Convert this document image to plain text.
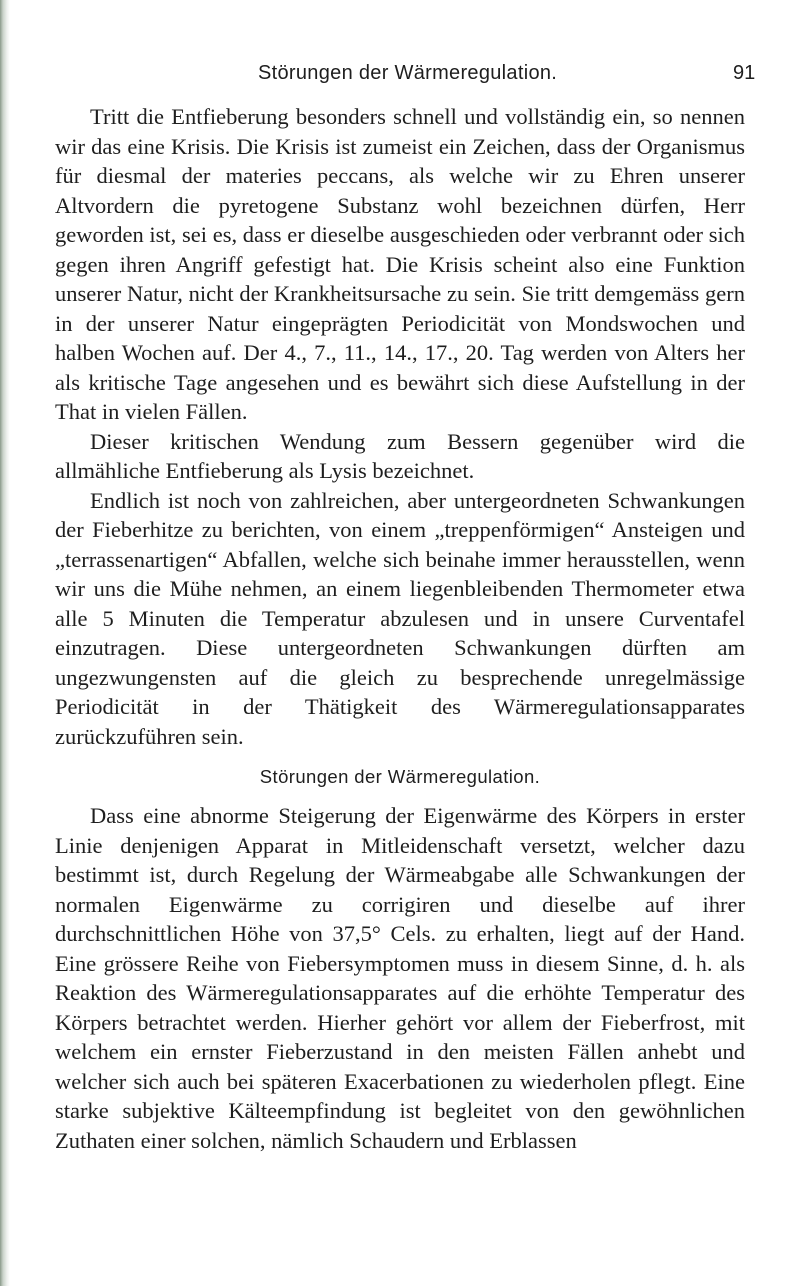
Störungen der Wärmeregulation.	91

Tritt die Entfieberung besonders schnell und vollständig ein, so nennen wir das eine Krisis. Die Krisis ist zumeist ein Zeichen, dass der Organismus für diesmal der materies peccans, als welche wir zu Ehren unserer Altvordern die pyretogene Substanz wohl bezeichnen dürfen, Herr geworden ist, sei es, dass er dieselbe ausgeschieden oder verbrannt oder sich gegen ihren Angriff gefestigt hat. Die Krisis scheint also eine Funktion unserer Natur, nicht der Krankheitsursache zu sein. Sie tritt demgemäss gern in der unserer Natur eingeprägten Periodicität von Mondswochen und halben Wochen auf. Der 4., 7., 11., 14., 17., 20. Tag werden von Alters her als kritische Tage angesehen und es bewährt sich diese Aufstellung in der That in vielen Fällen.

Dieser kritischen Wendung zum Bessern gegenüber wird die allmähliche Entfieberung als Lysis bezeichnet.

Endlich ist noch von zahlreichen, aber untergeordneten Schwankungen der Fieberhitze zu berichten, von einem „treppenförmigen“ Ansteigen und „terrassenartigen“ Abfallen, welche sich beinahe immer herausstellen, wenn wir uns die Mühe nehmen, an einem liegenbleibenden Thermometer etwa alle 5 Minuten die Temperatur abzulesen und in unsere Curventafel einzutragen. Diese untergeordneten Schwankungen dürften am ungezwungensten auf die gleich zu besprechende unregelmässige Periodicität in der Thätigkeit des Wärmeregulationsapparates zurückzuführen sein.

Störungen der Wärmeregulation.

Dass eine abnorme Steigerung der Eigenwärme des Körpers in erster Linie denjenigen Apparat in Mitleidenschaft versetzt, welcher dazu bestimmt ist, durch Regelung der Wärmeabgabe alle Schwankungen der normalen Eigenwärme zu corrigiren und dieselbe auf ihrer durchschnittlichen Höhe von 37,5° Cels. zu erhalten, liegt auf der Hand. Eine grössere Reihe von Fiebersymptomen muss in diesem Sinne, d. h. als Reaktion des Wärmeregulationsapparates auf die erhöhte Temperatur des Körpers betrachtet werden. Hierher gehört vor allem der Fieberfrost, mit welchem ein ernster Fieberzustand in den meisten Fällen anhebt und welcher sich auch bei späteren Exacerbationen zu wiederholen pflegt. Eine starke subjektive Kälteempfindung ist begleitet von den gewöhnlichen Zuthaten einer solchen, nämlich Schaudern und Erblassen
